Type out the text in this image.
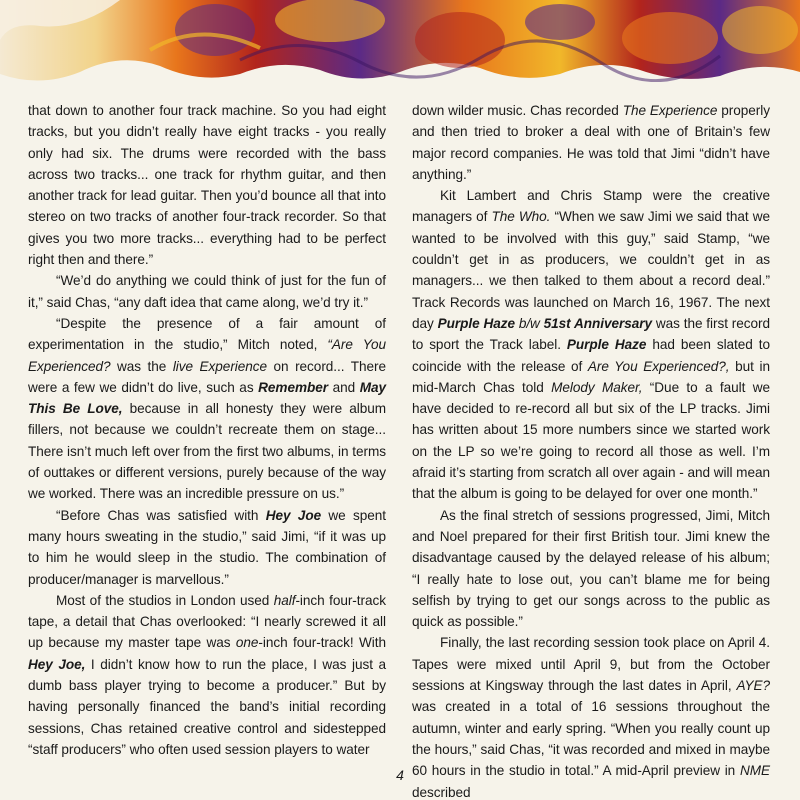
that down to another four track machine. So you had eight tracks, but you didn’t really have eight tracks - you really only had six. The drums were recorded with the bass across two tracks... one track for rhythm guitar, and then another track for lead guitar. Then you’d bounce all that into stereo on two tracks of another four-track recorder. So that gives you two more tracks... everything had to be perfect right then and there.”

“We’d do anything we could think of just for the fun of it,” said Chas, “any daft idea that came along, we’d try it.”

“Despite the presence of a fair amount of experimentation in the studio,” Mitch noted, “Are You Experienced? was the live Experience on record... There were a few we didn’t do live, such as Remember and May This Be Love, because in all honesty they were album fillers, not because we couldn’t recreate them on stage... There isn’t much left over from the first two albums, in terms of outtakes or different versions, purely because of the way we worked. There was an incredible pressure on us.”

“Before Chas was satisfied with Hey Joe we spent many hours sweating in the studio,” said Jimi, “if it was up to him he would sleep in the studio. The combination of producer/manager is marvellous.”

Most of the studios in London used half-inch four-track tape, a detail that Chas overlooked: “I nearly screwed it all up because my master tape was one-inch four-track! With Hey Joe, I didn’t know how to run the place, I was just a dumb bass player trying to become a producer.” But by having personally financed the band’s initial recording sessions, Chas retained creative control and sidestepped “staff producers” who often used session players to water

down wilder music. Chas recorded The Experience properly and then tried to broker a deal with one of Britain’s few major record companies. He was told that Jimi “didn’t have anything.”

Kit Lambert and Chris Stamp were the creative managers of The Who. “When we saw Jimi we said that we wanted to be involved with this guy,” said Stamp, “we couldn’t get in as producers, we couldn’t get in as managers... we then talked to them about a record deal.” Track Records was launched on March 16, 1967. The next day Purple Haze b/w 51st Anniversary was the first record to sport the Track label. Purple Haze had been slated to coincide with the release of Are You Experienced?, but in mid-March Chas told Melody Maker, “Due to a fault we have decided to re-record all but six of the LP tracks. Jimi has written about 15 more numbers since we started work on the LP so we’re going to record all those as well. I’m afraid it’s starting from scratch all over again - and will mean that the album is going to be delayed for over one month.”

As the final stretch of sessions progressed, Jimi, Mitch and Noel prepared for their first British tour. Jimi knew the disadvantage caused by the delayed release of his album; “I really hate to lose out, you can’t blame me for being selfish by trying to get our songs across to the public as quick as possible.”

Finally, the last recording session took place on April 4. Tapes were mixed until April 9, but from the October sessions at Kingsway through the last dates in April, AYE? was created in a total of 16 sessions throughout the autumn, winter and early spring. “When you really count up the hours,” said Chas, “it was recorded and mixed in maybe 60 hours in the studio in total.” A mid-April preview in NME described

4
